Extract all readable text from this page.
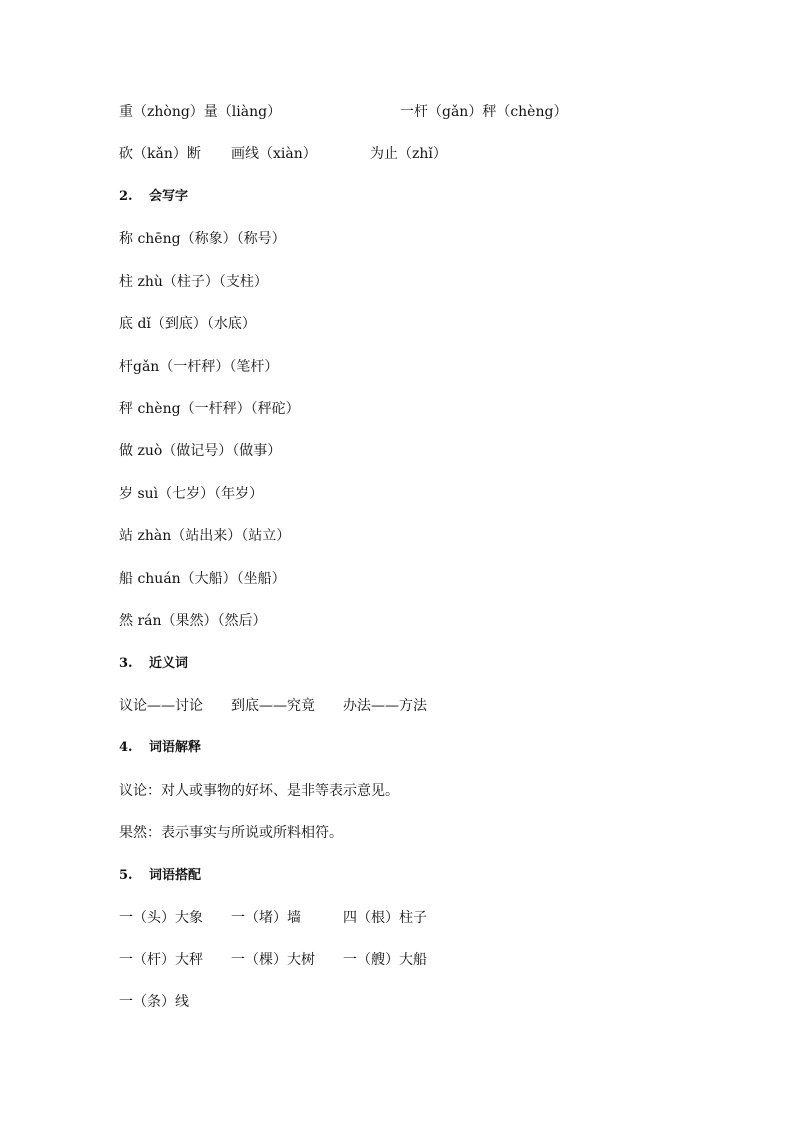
重（zhòng）量（liàng）	一杆（gǎn）秤（chèng）
砍（kǎn）断 画线（xiàn）	为止（zhǐ）
2. 会写字
称 chēng（称象）（称号）
柱 zhù（柱子）（支柱）
底 dǐ（到底）（水底）
杆gǎn（一杆秤）（笔杆）
秤 chèng（一杆秤）（秤砣）
做 zuò（做记号）（做事）
岁 suì（七岁）（年岁）
站 zhàn（站出来）（站立）
船 chuán（大船）（坐船）
然 rán（果然）（然后）
3. 近义词
议论——讨论 到底——究竟 办法——方法
4. 词语解释
议论：对人或事物的好坏、是非等表示意见。
果然：表示事实与所说或所料相符。
5. 词语搭配
一（头）大象 一（堵）墙	四（根）柱子
一（杆）大秤 一（棵）大树 一（艘）大船
一（条）线
